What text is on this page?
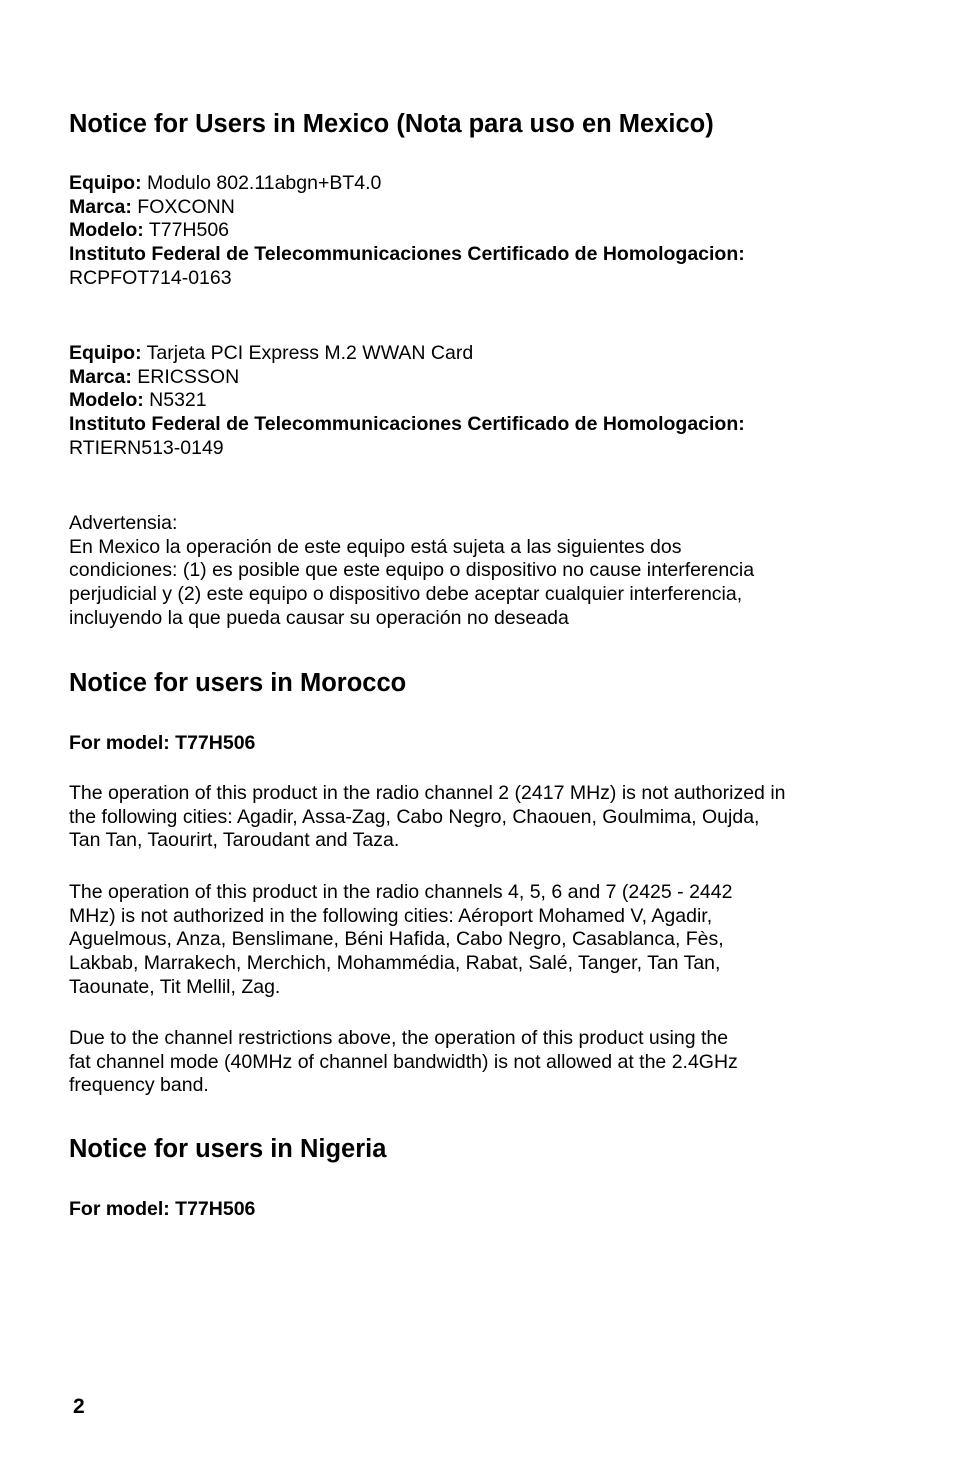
Notice for Users in Mexico (Nota para uso en Mexico)
Equipo: Modulo 802.11abgn+BT4.0
Marca: FOXCONN
Modelo: T77H506
Instituto Federal de Telecommunicaciones Certificado de Homologacion:
RCPFOT714-0163
Equipo: Tarjeta PCI Express M.2 WWAN Card
Marca: ERICSSON
Modelo: N5321
Instituto Federal de Telecommunicaciones Certificado de Homologacion:
RTIERN513-0149
Advertensia:
En Mexico la operación de este equipo está sujeta a las siguientes dos
condiciones: (1) es posible que este equipo o dispositivo no cause interferencia
perjudicial y (2) este equipo o dispositivo debe aceptar cualquier interferencia,
incluyendo la que pueda causar su operación no deseada
Notice for users in Morocco
For model: T77H506
The operation of this product in the radio channel 2 (2417 MHz) is not authorized in
the following cities: Agadir, Assa-Zag, Cabo Negro, Chaouen, Goulmima, Oujda,
Tan Tan, Taourirt, Taroudant and Taza.
The operation of this product in the radio channels 4, 5, 6 and 7 (2425 - 2442
MHz) is not authorized in the following cities: Aéroport Mohamed V, Agadir,
Aguelmous, Anza, Benslimane, Béni Hafida, Cabo Negro, Casablanca, Fès,
Lakbab, Marrakech, Merchich, Mohammédia, Rabat, Salé, Tanger, Tan Tan,
Taounate, Tit Mellil, Zag.
Due to the channel restrictions above, the operation of this product using the
fat channel mode (40MHz of channel bandwidth) is not allowed at the 2.4GHz
frequency band.
Notice for users in Nigeria
For model: T77H506
2
